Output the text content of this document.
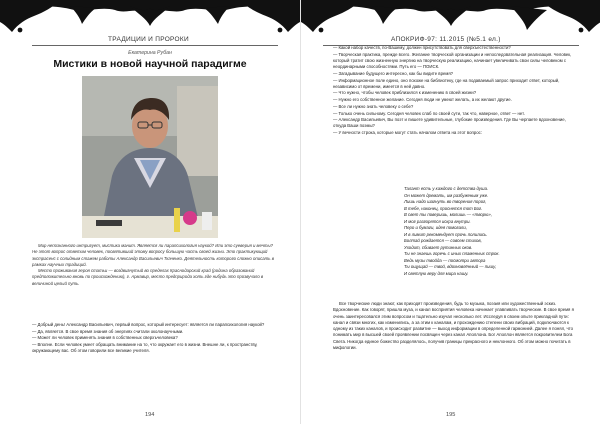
ТРАДИЦИИ И ПРОРОКИ
Екатерина Рубан
Мистики в новой научной парадигме

Мир непознанного интригует, мистика манит. Является ли парапсихология наукой? Или это суеверия и мечты? Не этот вопрос ответим человек, посвятивший этому вопросу большую часть своей жизни. Это практикующий экстрасенс с солидным стажем работы Александр Васильевич Ткаченко. Деятельность которого сложно описать в рамках научных традиций.

Место проживания героя статьи — воздвигнутый во пределах Краснодарский край (родина образований предположительно вновь по происхождению), г. Армавир, место предприрода хоть где нибудь это прозвучало в величиной целый путь.

— Добрый день! Александр Васильевич, первый вопрос, который интересует: является ли парапсихология наукой?

— Да, является. В свое время знания об энергиях считали околонаучными.

— Может ли человек применять знания в собственных сверхъчеловека?

— Вполне. Если человек умеет обращать внимание на то, что окружает его в жизни. Внешне ли, к пространству, окружающему вас. Об этом говорили все великие учителя.

194
АПОКРИФ-97: 11.2015 (№5.1 ел.)

— Какой набор качеств, по-Вашему, должен присутствовать для сверхъестественности?

— Творческая практика, прежде всего. Желание творческой организации и непоследовательная реализация. Человек, который тратит свою жизненную энергию на творческую реализацию, начинает увеличивать свои силы человеком с неординарными способностями. Путь его — ПОИСК.

— Загадывание будущего интересно, как бы видите время?

— Информационное поле едино, оно похоже на библиотеку, где на подаваемый запрос приходит ответ, который, независимо от времени, имеется в ней давно.

— Что нужно, чтобы человек приблизился к изменению в своей жизни?

— Нужно его собственное желание. Сегодня люди не умеют желать, а их желают другие.

— Все ли нужно знать человеку о себе?

— Только очень сильному. Сегодня человек слаб по своей сути, так что, наверное, ответ — нет.

— Александр Васильевич, Вы поэт и пишете удивительные, глубокие произведения. Где Вы черпаете вдохновение, откуда Ваши поэмы?

— У вечности строка, которые могут стать началом ответа на этот вопрос:

Талант есть у каждого с детства душа.
Он может дремать, им разбуженым уже.
Лишь надо шагнуть во творения порог,
В тебе, наконец, проснется тот Бог.
В свет ты поверишь, молишь — «творю»,
И мог разгорятся искра внутри.
Перо и бумаги, идея помогали,
И в лимит рекомендует прочь полились.
Болтай рождается — совсем стихов,
Уходит, сбивает рутинных оков.
Ты не знаешь горечь с иных пламенных строк.
Ведь музы твойда — посмотри автора
Ты ощущай — твой, вдохновлённый — пишу,
И светлую веру для мира нашу.

Все творческие люди знают, как приходят произведения, будь то музыка, поэзия или художественный эскиз. Вдохновение. Как говорят, пришла муза, и канал восприятия человека начинает улавливать творческие. В свое время я очень заинтересовался этим вопросом и тщательно изучал несколько лет. Исследуя в своем опыте прикладной пути: канал и связи многих, как изменились, а за этим к каналам, и прохождению степени своих вибраций, подключаются к одному из таких каналов, и происходит развитие — выход информации в определенной гармонией. Далее я понял, что понимать мир в высшей своей проявлении посвящен через канал Аполлона. Бог Аполлон является покровителем Бога Света. Никогда единое божество разделялось, получив границы прекрасного и неклонного. Об этом можно почитать в мифологии.

195
